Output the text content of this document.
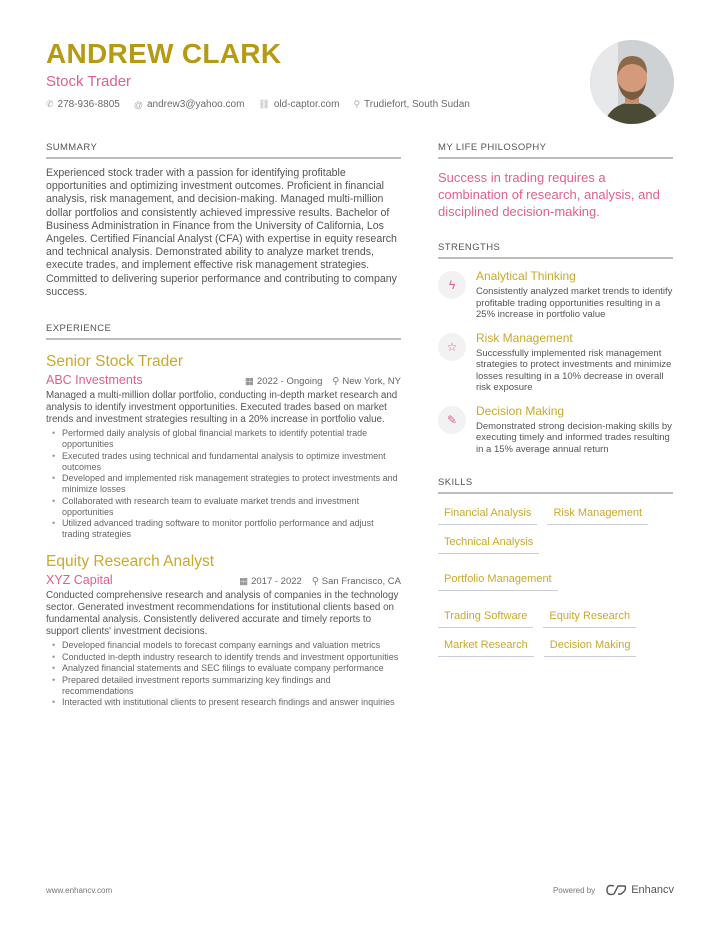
ANDREW CLARK
Stock Trader
✆ 278-936-8805 @ andrew3@yahoo.com ⛓ old-captor.com ⚲ Trudiefort, South Sudan
SUMMARY

Experienced stock trader with a passion for identifying profitable opportunities and optimizing investment outcomes. Proficient in financial analysis, risk management, and decision-making. Managed multi-million dollar portfolios and consistently achieved impressive results. Bachelor of Business Administration in Finance from the University of California, Los Angeles. Certified Financial Analyst (CFA) with expertise in equity research and technical analysis. Demonstrated ability to analyze market trends, execute trades, and implement effective risk management strategies. Committed to delivering superior performance and contributing to company success.

EXPERIENCE
Senior Stock Trader
ABC Investments	▦ 2022 - Ongoing ⚲ New York, NY

Managed a multi-million dollar portfolio, conducting in-depth market research and analysis to identify investment opportunities. Executed trades based on market trends and investment strategies resulting in a 20% increase in portfolio value.

• Performed daily analysis of global financial markets to identify potential trade opportunities
• Executed trades using technical and fundamental analysis to optimize investment outcomes
• Developed and implemented risk management strategies to protect investments and minimize losses
• Collaborated with research team to evaluate market trends and investment opportunities
• Utilized advanced trading software to monitor portfolio performance and adjust trading strategies
Equity Research Analyst
XYZ Capital	▦ 2017 - 2022 ⚲ San Francisco, CA

Conducted comprehensive research and analysis of companies in the technology sector. Generated investment recommendations for institutional clients based on fundamental analysis. Consistently delivered accurate and timely reports to support clients' investment decisions.

• Developed financial models to forecast company earnings and valuation metrics
• Conducted in-depth industry research to identify trends and investment opportunities
• Analyzed financial statements and SEC filings to evaluate company performance
• Prepared detailed investment reports summarizing key findings and recommendations
• Interacted with institutional clients to present research findings and answer inquiries
MY LIFE PHILOSOPHY

Success in trading requires a combination of research, analysis, and disciplined decision-making.

STRENGTHS
ϟ
Analytical Thinking
Consistently analyzed market trends to identify profitable trading opportunities resulting in a 25% increase in portfolio value
☆
Risk Management
Successfully implemented risk management strategies to protect investments and minimize losses resulting in a 10% decrease in overall risk exposure
✎
Decision Making
Demonstrated strong decision-making skills by executing timely and informed trades resulting in a 15% average annual return
SKILLS
Financial Analysis	Risk Management
Technical Analysis
Portfolio Management
Trading Software	Equity Research
Market Research	Decision Making
www.enhancv.com	Powered by	Enhancv
